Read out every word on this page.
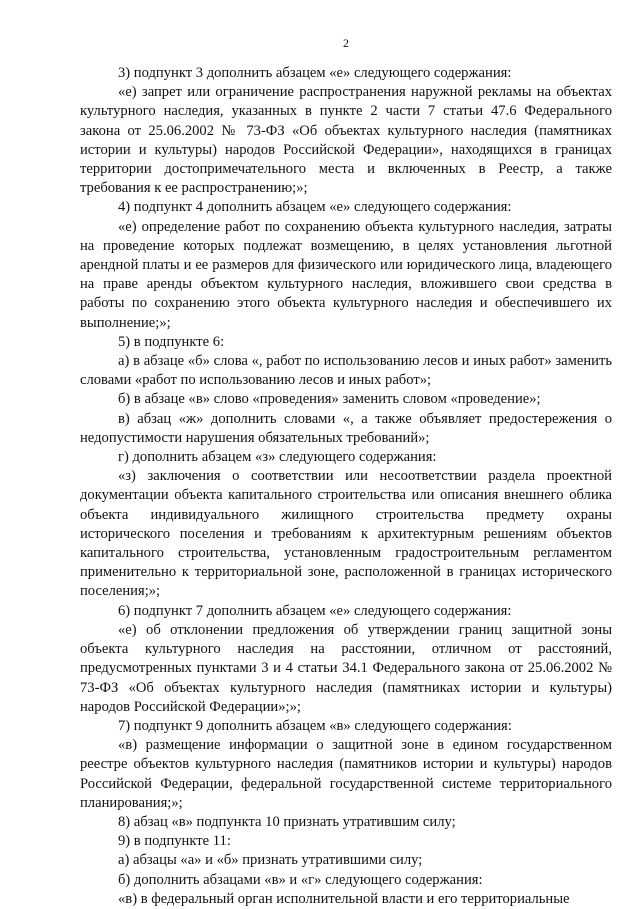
2

3) подпункт 3 дополнить абзацем «е» следующего содержания:

«е) запрет или ограничение распространения наружной рекламы на объектах культурного наследия, указанных в пункте 2 части 7 статьи 47.6 Федерального закона от 25.06.2002 № 73-ФЗ «Об объектах культурного наследия (памятниках истории и культуры) народов Российской Федерации», находящихся в границах территории достопримечательного места и включенных в Реестр, а также требования к ее распространению;»;

4) подпункт 4 дополнить абзацем «е» следующего содержания:

«е) определение работ по сохранению объекта культурного наследия, затраты на проведение которых подлежат возмещению, в целях установления льготной арендной платы и ее размеров для физического или юридического лица, владеющего на праве аренды объектом культурного наследия, вложившего свои средства в работы по сохранению этого объекта культурного наследия и обеспечившего их выполнение;»;

5) в подпункте 6:

а) в абзаце «б» слова «, работ по использованию лесов и иных работ» заменить словами «работ по использованию лесов и иных работ»;

б) в абзаце «в» слово «проведения» заменить словом «проведение»;

в) абзац «ж» дополнить словами «, а также объявляет предостережения о недопустимости нарушения обязательных требований»;

г) дополнить абзацем «з» следующего содержания:

«з) заключения о соответствии или несоответствии раздела проектной документации объекта капитального строительства или описания внешнего облика объекта индивидуального жилищного строительства предмету охраны исторического поселения и требованиям к архитектурным решениям объектов капитального строительства, установленным градостроительным регламентом применительно к территориальной зоне, расположенной в границах исторического поселения;»;

6) подпункт 7 дополнить абзацем «е» следующего содержания:

«е) об отклонении предложения об утверждении границ защитной зоны объекта культурного наследия на расстоянии, отличном от расстояний, предусмотренных пунктами 3 и 4 статьи 34.1 Федерального закона от 25.06.2002 № 73-ФЗ «Об объектах культурного наследия (памятниках истории и культуры) народов Российской Федерации»;»;

7) подпункт 9 дополнить абзацем «в» следующего содержания:

«в) размещение информации о защитной зоне в едином государственном реестре объектов культурного наследия (памятников истории и культуры) народов Российской Федерации, федеральной государственной системе территориального планирования;»;

8) абзац «в» подпункта 10 признать утратившим силу;

9) в подпункте 11:

а) абзацы «а» и «б» признать утратившими силу;

б) дополнить абзацами «в» и «г» следующего содержания:

«в) в федеральный орган исполнительной власти и его территориальные
